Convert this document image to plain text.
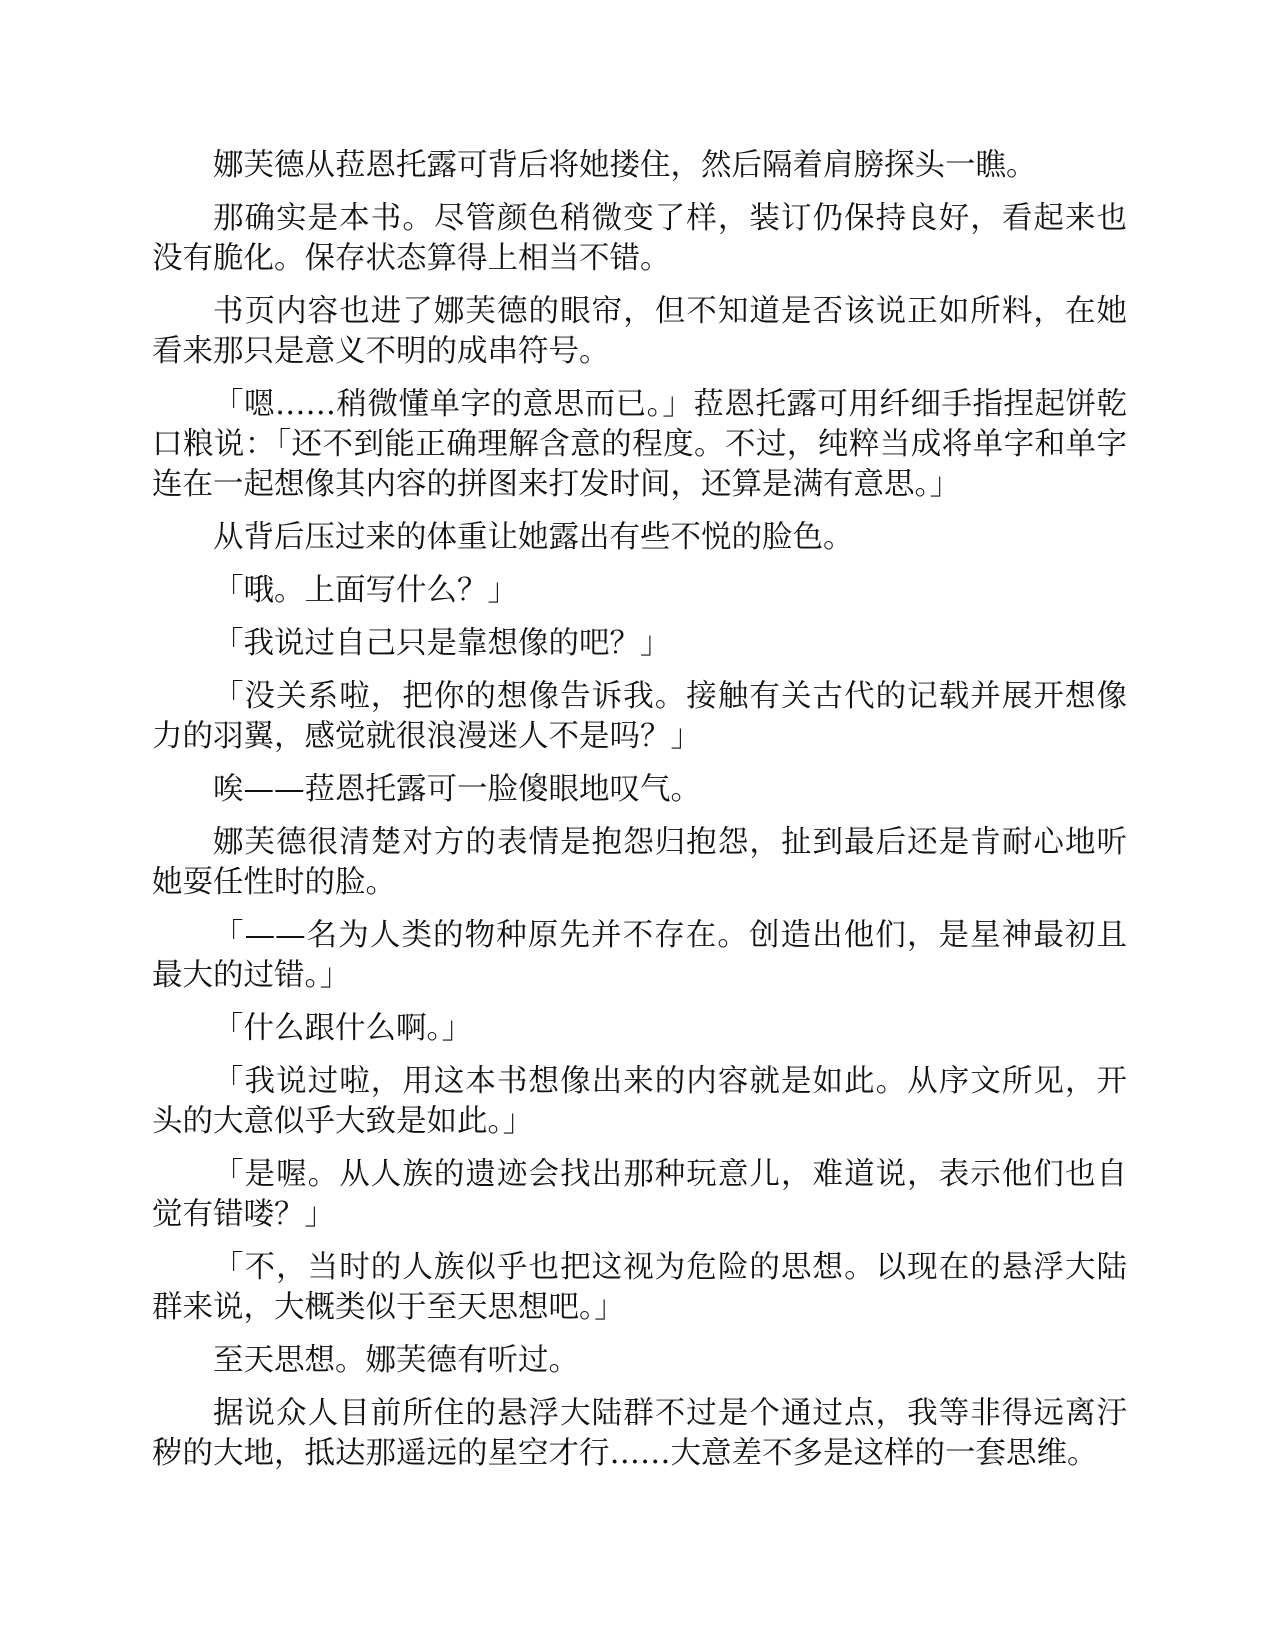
娜芙德从菈恩托露可背后将她搂住，然后隔着肩膀探头一瞧。

那确实是本书。尽管颜色稍微变了样，装订仍保持良好，看起来也没有脆化。保存状态算得上相当不错。

书页内容也进了娜芙德的眼帘，但不知道是否该说正如所料，在她看来那只是意义不明的成串符号。

「嗯……稍微懂单字的意思而已。」菈恩托露可用纤细手指捏起饼乾口粮说：「还不到能正确理解含意的程度。不过，纯粹当成将单字和单字连在一起想像其内容的拼图来打发时间，还算是满有意思。」

从背后压过来的体重让她露出有些不悦的脸色。

「哦。上面写什么？」

「我说过自己只是靠想像的吧？」

「没关系啦，把你的想像告诉我。接触有关古代的记载并展开想像力的羽翼，感觉就很浪漫迷人不是吗？」

唉——菈恩托露可一脸傻眼地叹气。

娜芙德很清楚对方的表情是抱怨归抱怨，扯到最后还是肯耐心地听她耍任性时的脸。

「——名为人类的物种原先并不存在。创造出他们，是星神最初且最大的过错。」

「什么跟什么啊。」

「我说过啦，用这本书想像出来的内容就是如此。从序文所见，开头的大意似乎大致是如此。」

「是喔。从人族的遗迹会找出那种玩意儿，难道说，表示他们也自觉有错喽？」

「不，当时的人族似乎也把这视为危险的思想。以现在的悬浮大陆群来说，大概类似于至天思想吧。」

至天思想。娜芙德有听过。

据说众人目前所住的悬浮大陆群不过是个通过点，我等非得远离汙秽的大地，抵达那遥远的星空才行……大意差不多是这样的一套思维。
